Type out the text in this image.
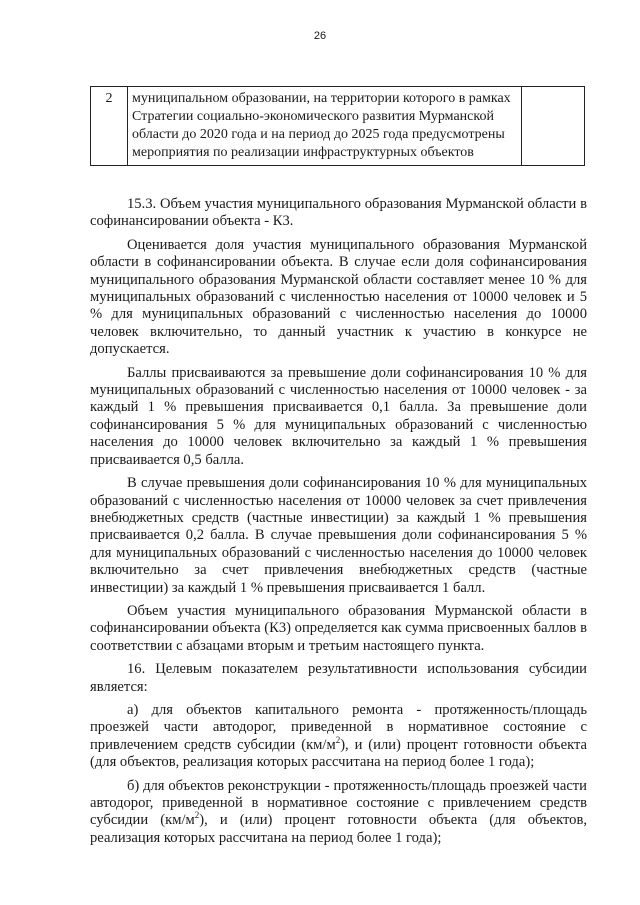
26
2	муниципальном образовании, на территории которого в рамках Стратегии социально-экономического развития Мурманской области до 2020 года и на период до 2025 года предусмотрены мероприятия по реализации инфраструктурных объектов	

15.3. Объем участия муниципального образования Мурманской области в софинансировании объекта - К3.

Оценивается доля участия муниципального образования Мурманской области в софинансировании объекта. В случае если доля софинансирования муниципального образования Мурманской области составляет менее 10 % для муниципальных образований с численностью населения от 10000 человек и 5 % для муниципальных образований с численностью населения до 10000 человек включительно, то данный участник к участию в конкурсе не допускается.

Баллы присваиваются за превышение доли софинансирования 10 % для муниципальных образований с численностью населения от 10000 человек - за каждый 1 % превышения присваивается 0,1 балла. За превышение доли софинансирования 5 % для муниципальных образований с численностью населения до 10000 человек включительно за каждый 1 % превышения присваивается 0,5 балла.

В случае превышения доли софинансирования 10 % для муниципальных образований с численностью населения от 10000 человек за счет привлечения внебюджетных средств (частные инвестиции) за каждый 1 % превышения присваивается 0,2 балла. В случае превышения доли софинансирования 5 % для муниципальных образований с численностью населения до 10000 человек включительно за счет привлечения внебюджетных средств (частные инвестиции) за каждый 1 % превышения присваивается 1 балл.

Объем участия муниципального образования Мурманской области в софинансировании объекта (К3) определяется как сумма присвоенных баллов в соответствии с абзацами вторым и третьим настоящего пункта.

16. Целевым показателем результативности использования субсидии является:

а) для объектов капитального ремонта - протяженность/площадь проезжей части автодорог, приведенной в нормативное состояние с привлечением средств субсидии $(км/м^2)$, и (или) процент готовности объекта (для объектов, реализация которых рассчитана на период более 1 года);

б) для объектов реконструкции - протяженность/площадь проезжей части автодорог, приведенной в нормативное состояние с привлечением средств субсидии $(км/м^2)$, и (или) процент готовности объекта (для объектов, реализация которых рассчитана на период более 1 года);
